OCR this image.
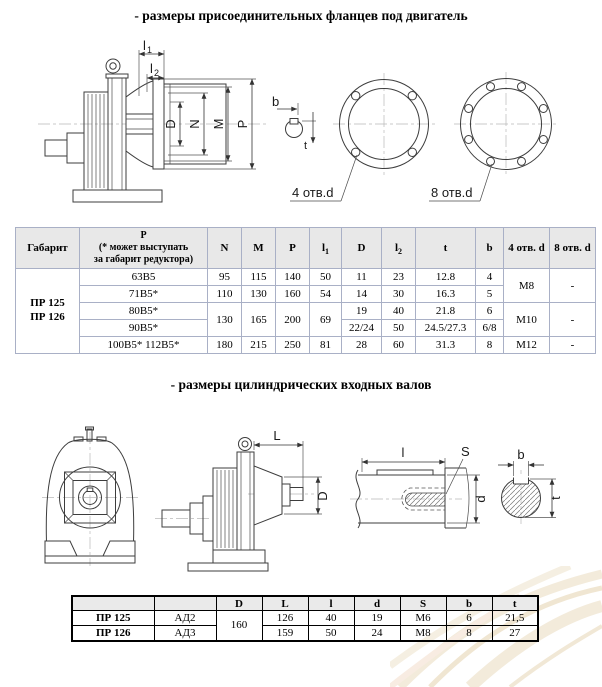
- размеры присоединительных фланцев под двигатель
- размеры цилиндрических входных валов
l 1
l 2
D N M P
b
t
4 отв.d	8 отв.d
Габарит	Р
(* может выступать
за габарит редуктора)	N	M	P	$l_1$	D	$l_2$	t	b	4 отв. d	8 отв. d

ПР 125
ПР 126	63B5	95	115	140	50	11	23	12.8	4	M8	-
	71B5*	110	130	160	54	14	30	16.3	5		
	80B5*	130	165	200	69	19	40	21.8	6	M10	-
	90B5*					22/24	50	24.5/27.3	6/8		
	100B5* 112B5*	180	215	250	81	28	60	31.3	8	M12	-
L
D
l	S
d
b
t
		D	L	l	d	S	b	t
ПР 125	АД2	160	126	40	19	М6	6	21,5
ПР 126	АД3		159	50	24	М8	8	27
